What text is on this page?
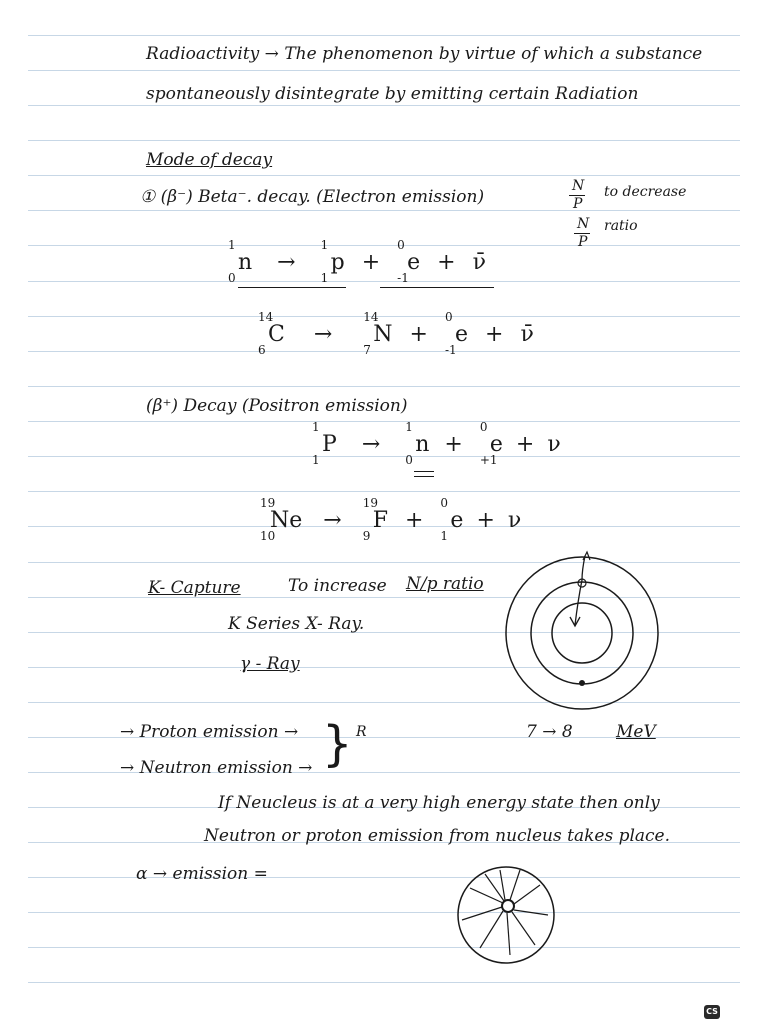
Radioactivity → The phenomenon by virtue of which a substance
spontaneously disintegrate by emitting certain Radiation
Mode of decay
① (β⁻) Beta⁻. decay. (Electron emission)
N
P
to decrease
N
P
ratio
1
0
n →
1
1
p +
0
-1
e + ν̄
14
6
C →
14
7
N +
0
-1
e + ν̄
(β⁺) Decay (Positron emission)
1
1
P →
1
0
n +
0
+1
e + ν
19
10
Ne →
19
9
F +
0
1
e + ν
K- Capture	To increase N/p ratio
K Series X- Ray.
γ - Ray
→ Proton emission →
→ Neutron emission → } R	7 → 8	MeV
If Neucleus is at a very high energy state then only
Neutron or proton emission from nucleus takes place.
α → emission =
CS
